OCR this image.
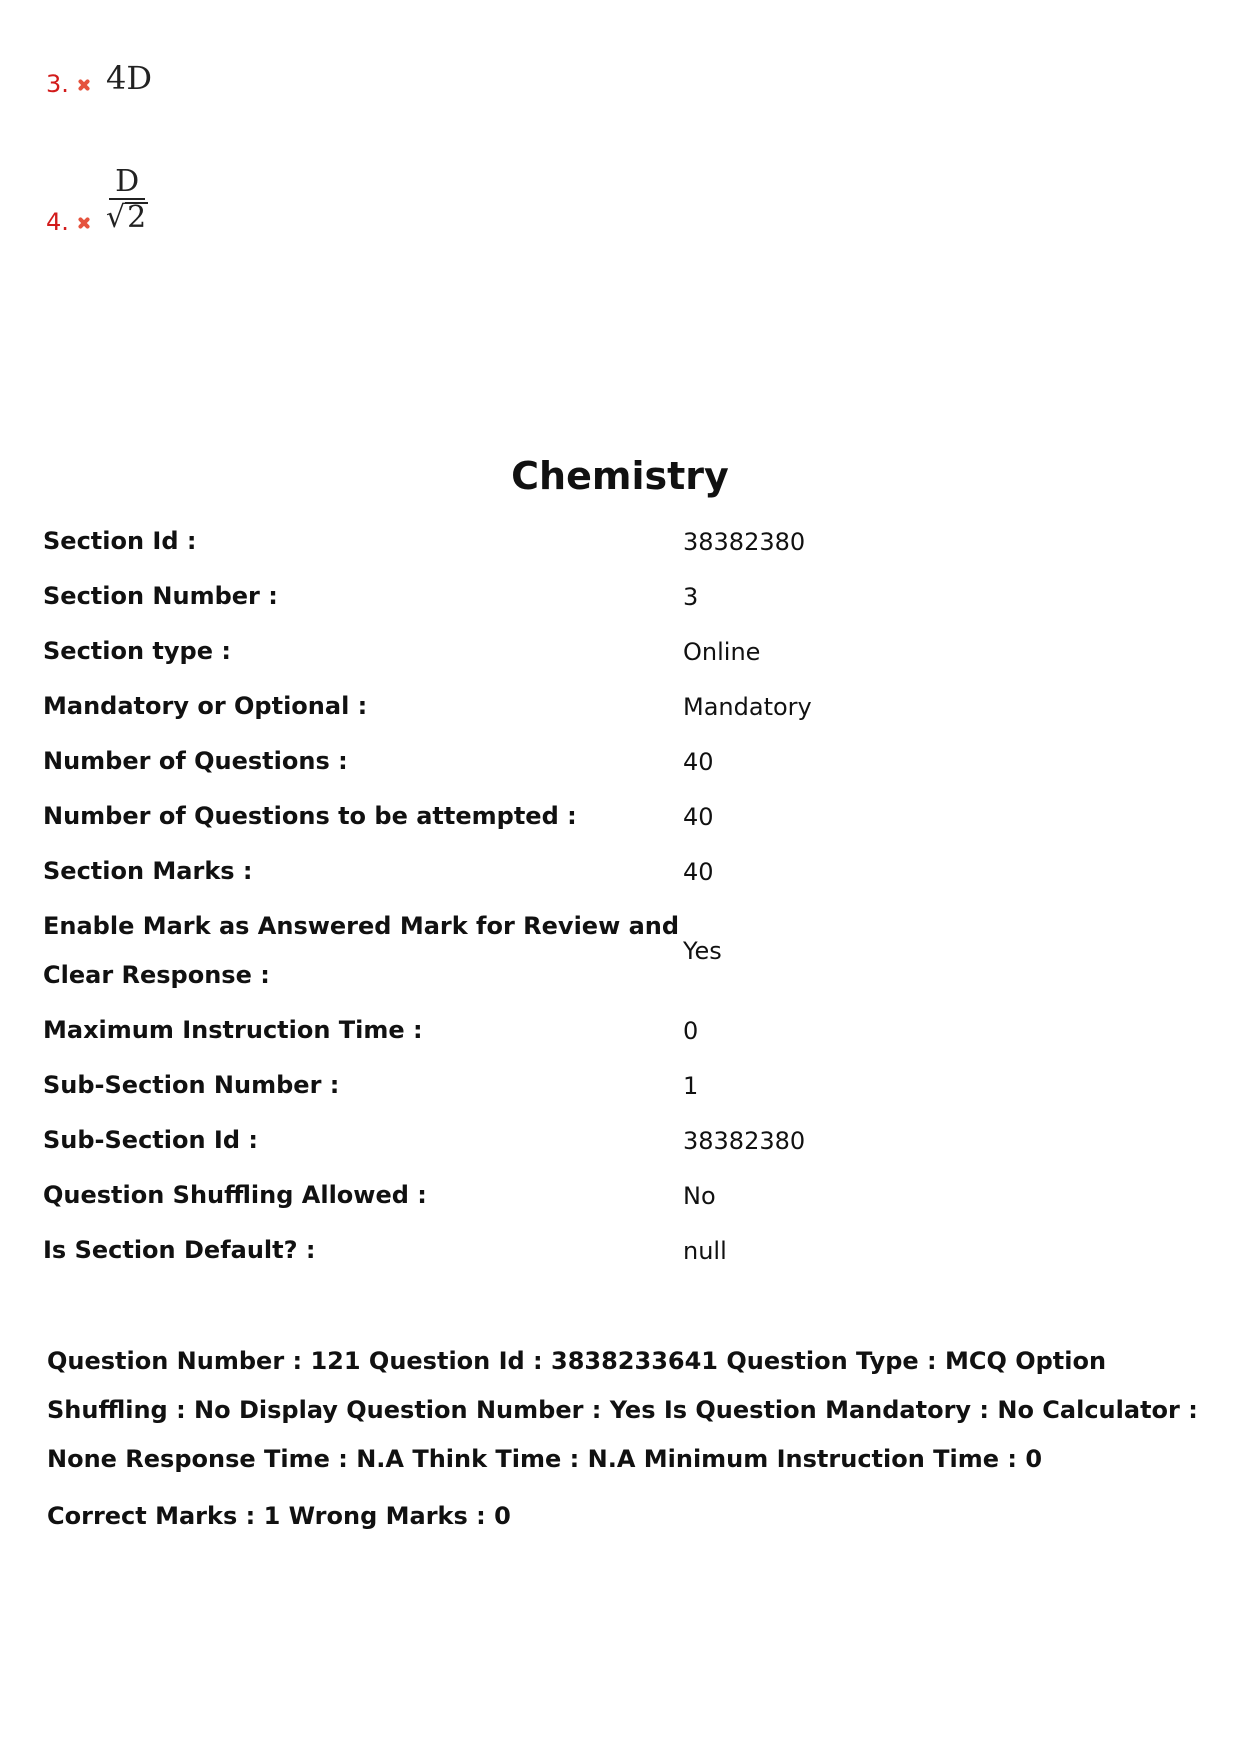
3. 4D
4. $\frac{D}{√ 2}$
Chemistry
Section Id :	38382380
Section Number :	3
Section type :	Online
Mandatory or Optional :	Mandatory
Number of Questions :	40
Number of Questions to be attempted :	40
Section Marks :	40
Enable Mark as Answered Mark for Review and Clear Response :	Yes
Maximum Instruction Time :	0
Sub-Section Number :	1
Sub-Section Id :	38382380
Question Shuffling Allowed :	No
Is Section Default? :	null

Question Number : 121 Question Id : 3838233641 Question Type : MCQ Option Shuffling : No Display Question Number : Yes Is Question Mandatory : No Calculator : None Response Time : N.A Think Time : N.A Minimum Instruction Time : 0

Correct Marks : 1 Wrong Marks : 0
